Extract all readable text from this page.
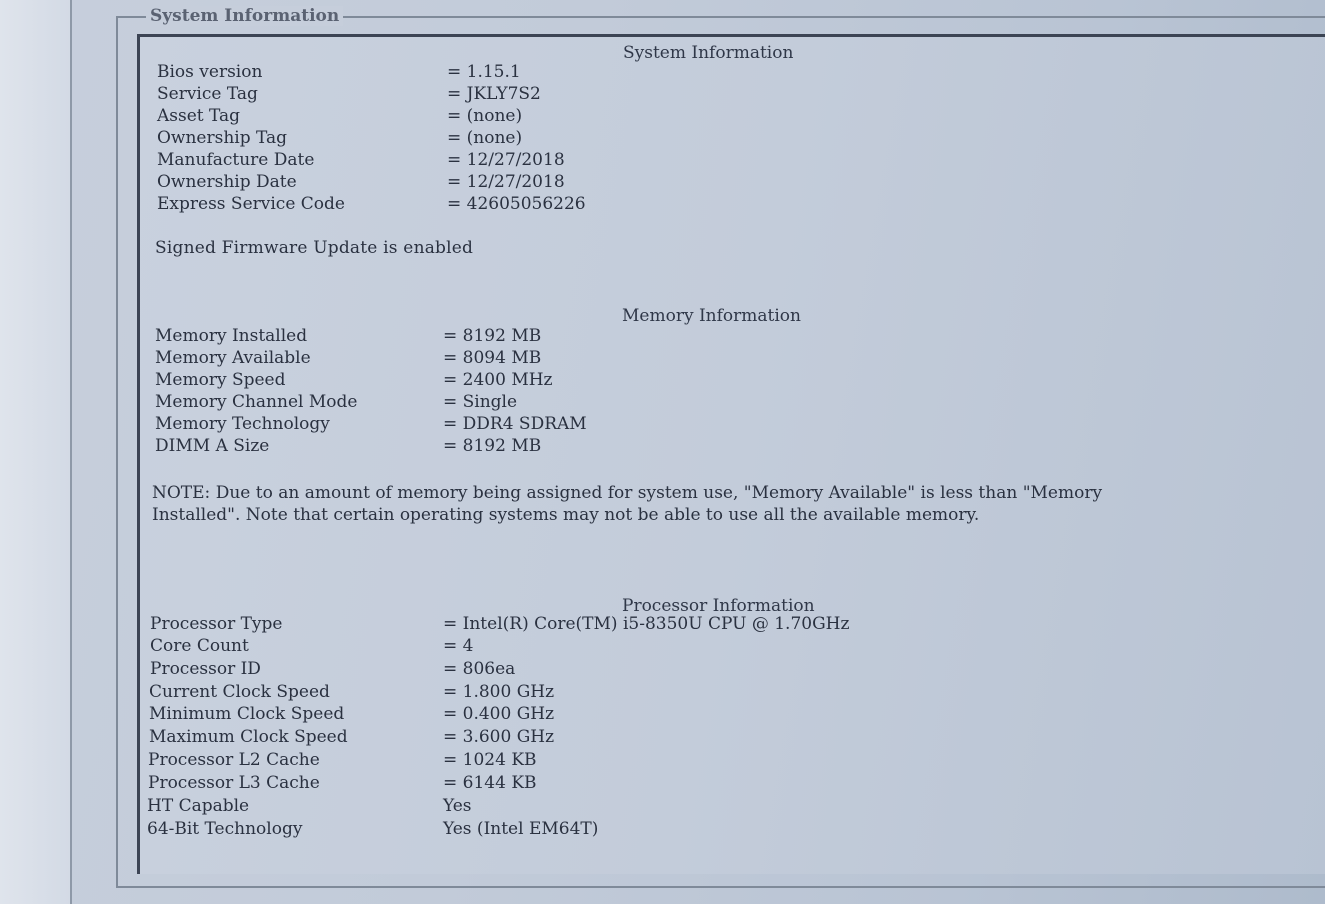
System Information
System Information
Bios version	= 1.15.1
Service Tag	= JKLY7S2
Asset Tag	= (none)
Ownership Tag	= (none)
Manufacture Date	= 12/27/2018
Ownership Date	= 12/27/2018
Express Service Code	= 42605056226
Signed Firmware Update is enabled
Memory Information
Memory Installed	= 8192 MB
Memory Available	= 8094 MB
Memory Speed	= 2400 MHz
Memory Channel Mode	= Single
Memory Technology	= DDR4 SDRAM
DIMM A Size	= 8192 MB
NOTE: Due to an amount of memory being assigned for system use, "Memory Available" is less than "Memory Installed". Note that certain operating systems may not be able to use all the available memory.
Processor Information
Processor Type	= Intel(R) Core(TM) i5-8350U CPU @ 1.70GHz
Core Count	= 4
Processor ID	= 806ea
Current Clock Speed	= 1.800 GHz
Minimum Clock Speed	= 0.400 GHz
Maximum Clock Speed	= 3.600 GHz
Processor L2 Cache	= 1024 KB
Processor L3 Cache	= 6144 KB
HT Capable	Yes
64-Bit Technology	Yes (Intel EM64T)
